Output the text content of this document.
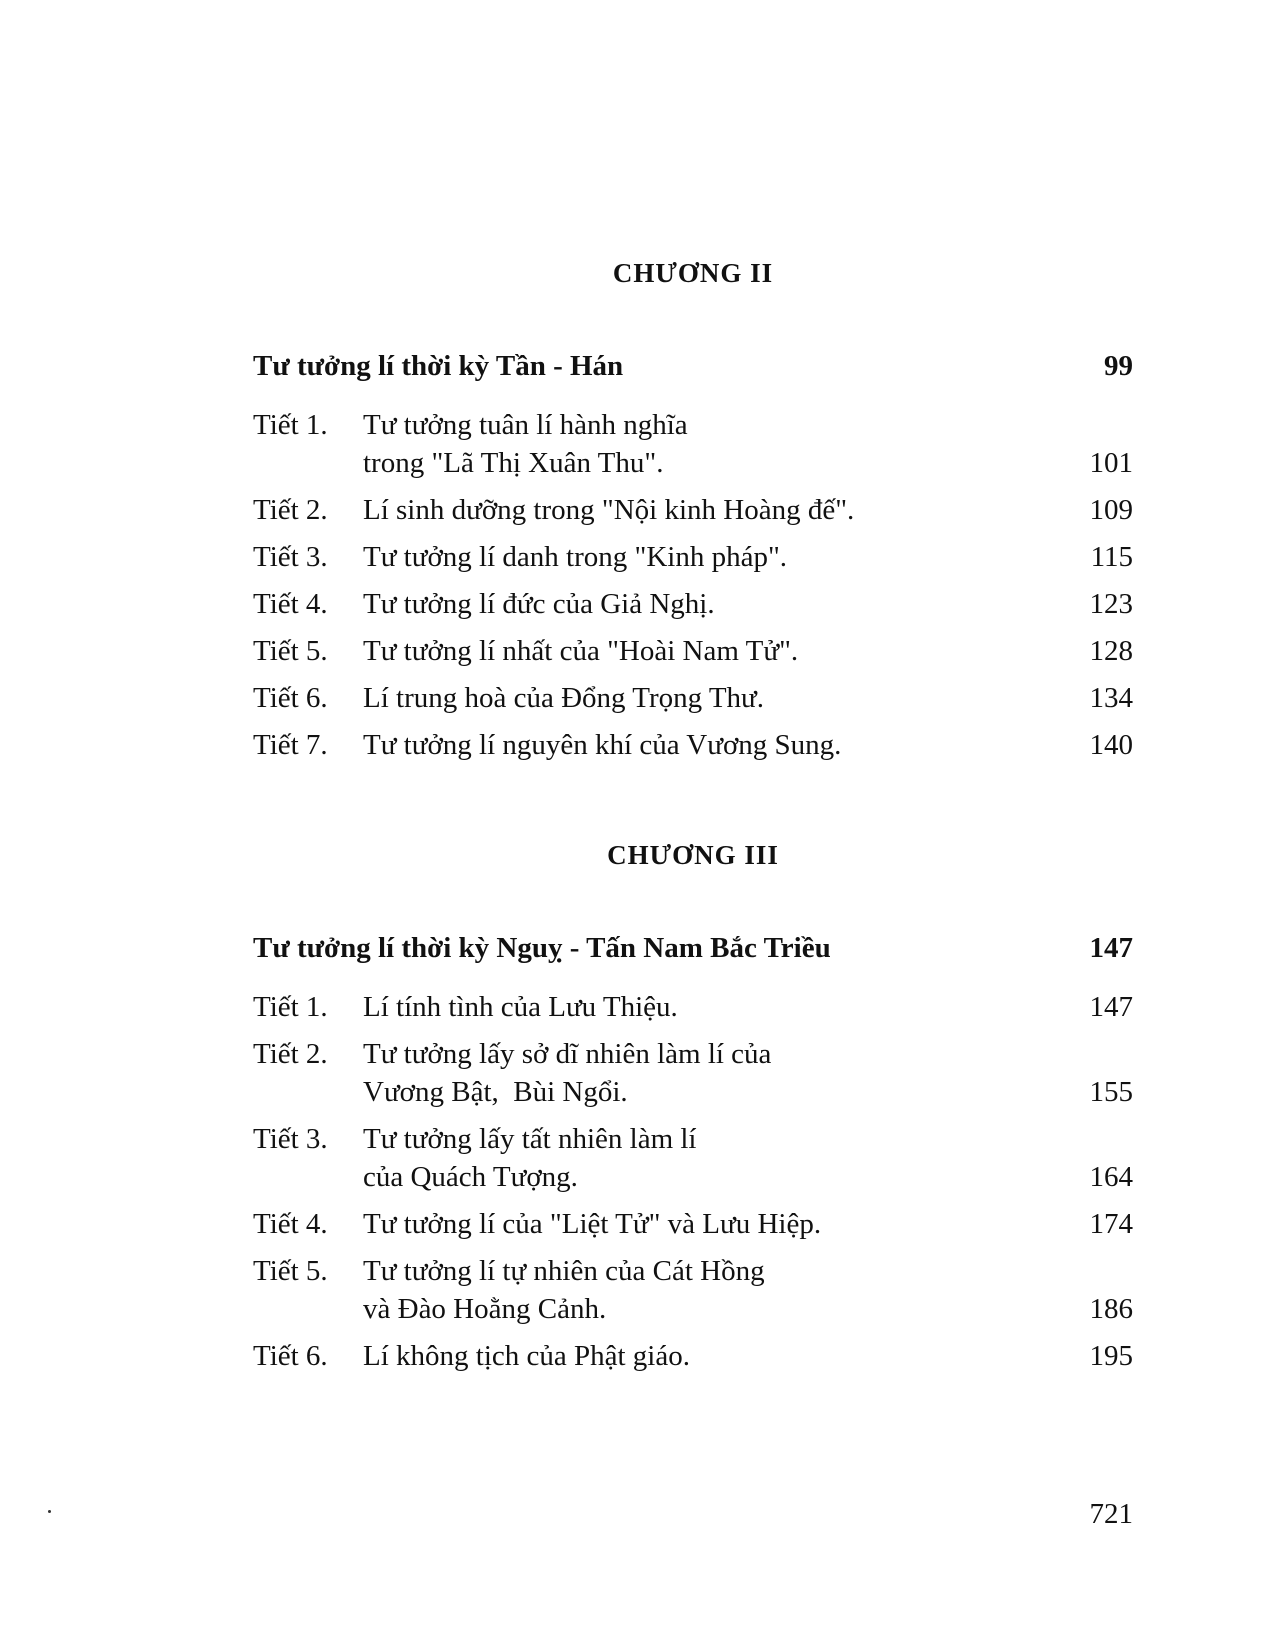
CHƯƠNG II
Tư tưởng lí thời kỳ Tần - Hán	99
Tiết 1.	Tư tưởng tuân lí hành nghĩa
trong "Lã Thị Xuân Thu".	101
Tiết 2.	Lí sinh dưỡng trong "Nội kinh Hoàng đế".	109
Tiết 3.	Tư tưởng lí danh trong "Kinh pháp".	115
Tiết 4.	Tư tưởng lí đức của Giả Nghị.	123
Tiết 5.	Tư tưởng lí nhất của "Hoài Nam Tử".	128
Tiết 6.	Lí trung hoà của Đổng Trọng Thư.	134
Tiết 7.	Tư tưởng lí nguyên khí của Vương Sung.	140
CHƯƠNG III
Tư tưởng lí thời kỳ Nguỵ - Tấn Nam Bắc Triều	147
Tiết 1.	Lí tính tình của Lưu Thiệu.	147
Tiết 2.	Tư tưởng lấy sở dĩ nhiên làm lí của
Vương Bật,  Bùi Ngổi.	155
Tiết 3.	Tư tưởng lấy tất nhiên làm lí
của Quách Tượng.	164
Tiết 4.	Tư tưởng lí của "Liệt Tử" và Lưu Hiệp.	174
Tiết 5.	Tư tưởng lí tự nhiên của Cát Hồng
và Đào Hoằng Cảnh.	186
Tiết 6.	Lí không tịch của Phật giáo.	195
721
